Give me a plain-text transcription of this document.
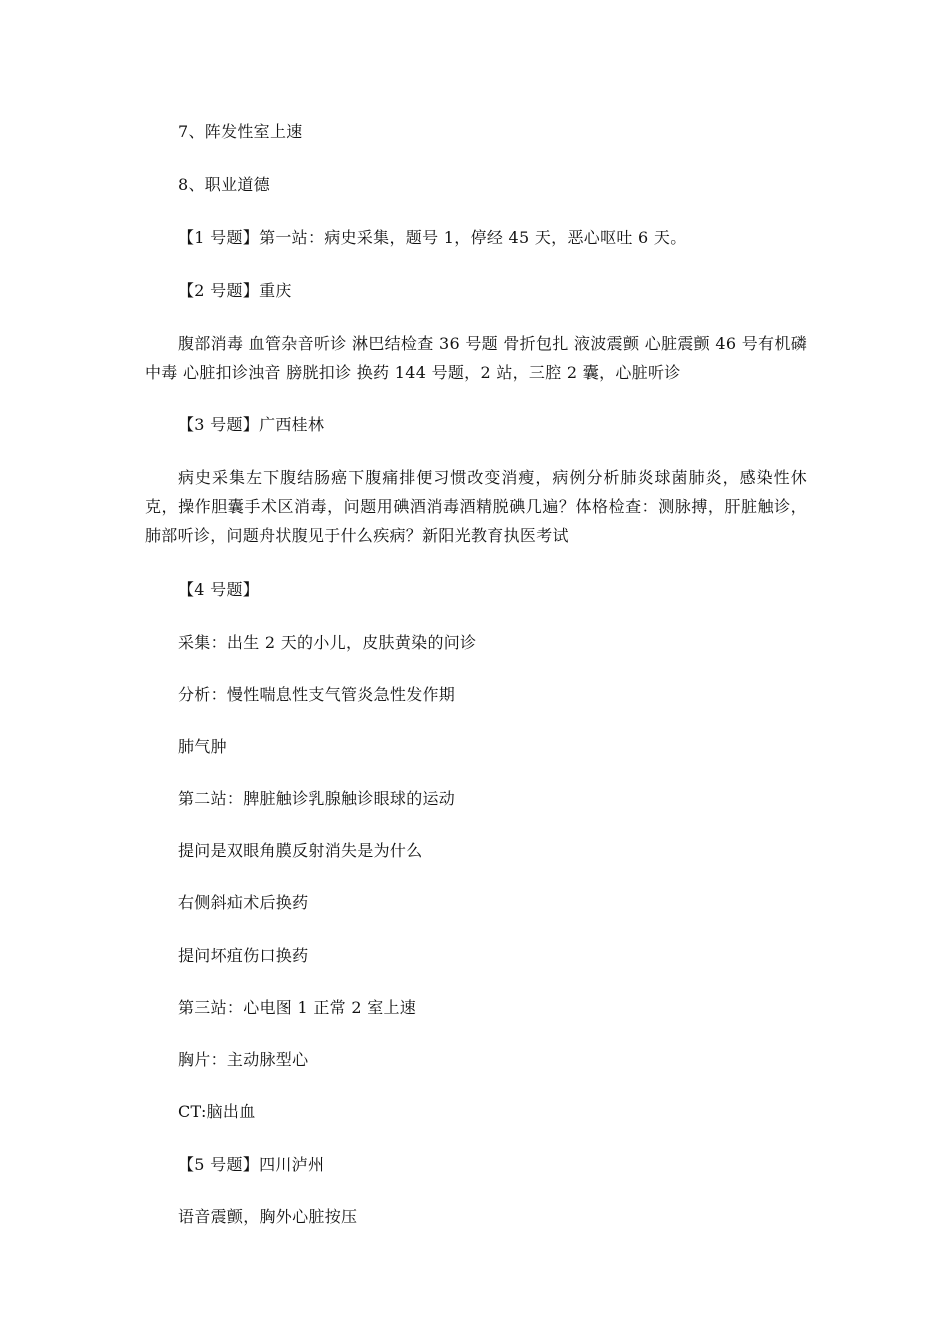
7、阵发性室上速
8、职业道德
【1 号题】第一站：病史采集，题号 1，停经 45 天，恶心呕吐 6 天。
【2 号题】重庆
腹部消毒 血管杂音听诊 淋巴结检查 36 号题 骨折包扎 液波震颤 心脏震颤 46 号有机磷中毒 心脏扣诊浊音 膀胱扣诊 换药 144 号题，2 站，三腔 2 囊，心脏听诊
【3 号题】广西桂林
病史采集左下腹结肠癌下腹痛排便习惯改变消瘦，病例分析肺炎球菌肺炎，感染性休克，操作胆囊手术区消毒，问题用碘酒消毒酒精脱碘几遍？体格检查：测脉搏，肝脏触诊，肺部听诊，问题舟状腹见于什么疾病？新阳光教育执医考试
【4 号题】
采集：出生 2 天的小儿，皮肤黄染的问诊
分析：慢性喘息性支气管炎急性发作期
肺气肿
第二站：脾脏触诊乳腺触诊眼球的运动
提问是双眼角膜反射消失是为什么
右侧斜疝术后换药
提问坏疽伤口换药
第三站：心电图 1 正常 2 室上速
胸片：主动脉型心
CT:脑出血
【5 号题】四川泸州
语音震颤，胸外心脏按压
